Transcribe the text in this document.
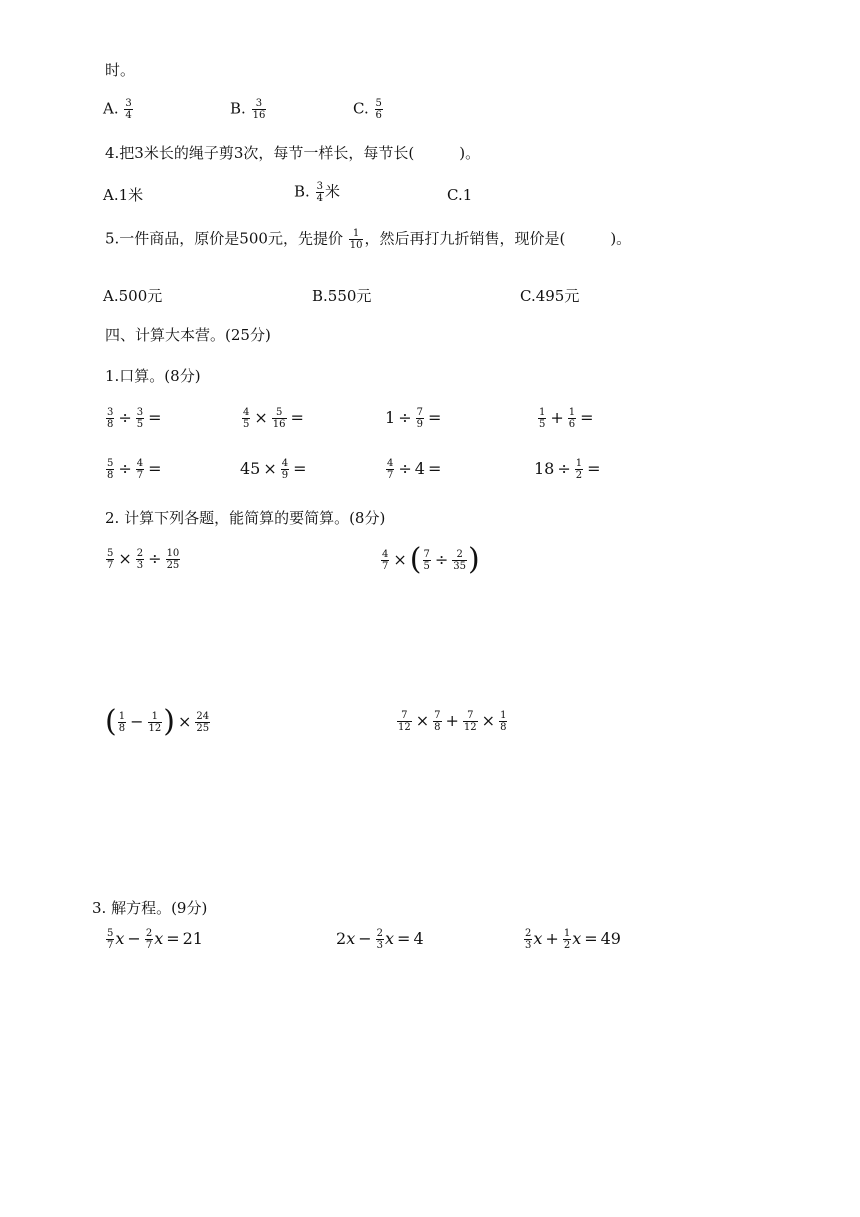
时。
A. $\frac{3}{4}$	B. $\frac{3}{16}$	C. $\frac{5}{6}$
4.把3米长的绳子剪3次，每节一样长，每节长(　　　)。
A.1米	B. $\frac{3}{4}$ 米	C.1
5.一件商品，原价是500元，先提价 $\frac{1}{10}$ ，然后再打九折销售，现价是(　　　)。
A.500元	B.550元	C.495元
四、计算大本营。(25分)
1.口算。(8分)
$\frac{3}{8} \div \frac{3}{5}$ =	$\frac{4}{5} \times \frac{5}{16}$ =	$1 \div \frac{7}{9}$ =	$\frac{1}{5} + \frac{1}{6}$ =
$\frac{5}{8} \div \frac{4}{7}$ =	$45 \times \frac{4}{9}$ =	$\frac{4}{7} \div 4$ =	$18 \div \frac{1}{2}$ =
2. 计算下列各题，能简算的要简算。(8分)
$\frac{5}{7} \times \frac{2}{3} \div \frac{10}{25}$	$\frac{4}{7}$ × ( $\frac{7}{5} \div \frac{2}{35}$ )
( $\frac{1}{8} - \frac{1}{12}$ ) × $\frac{24}{25}$	$\frac{7}{12} \times \frac{7}{8} + \frac{7}{12} \times \frac{1}{8}$
3. 解方程。(9分)
$\frac{5}{7}$ $x - \frac{2}{7}$ x = 21	$2x - \frac{2}{3}$ x = 4	$\frac{2}{3}$ $x + \frac{1}{2}$ x = 49
